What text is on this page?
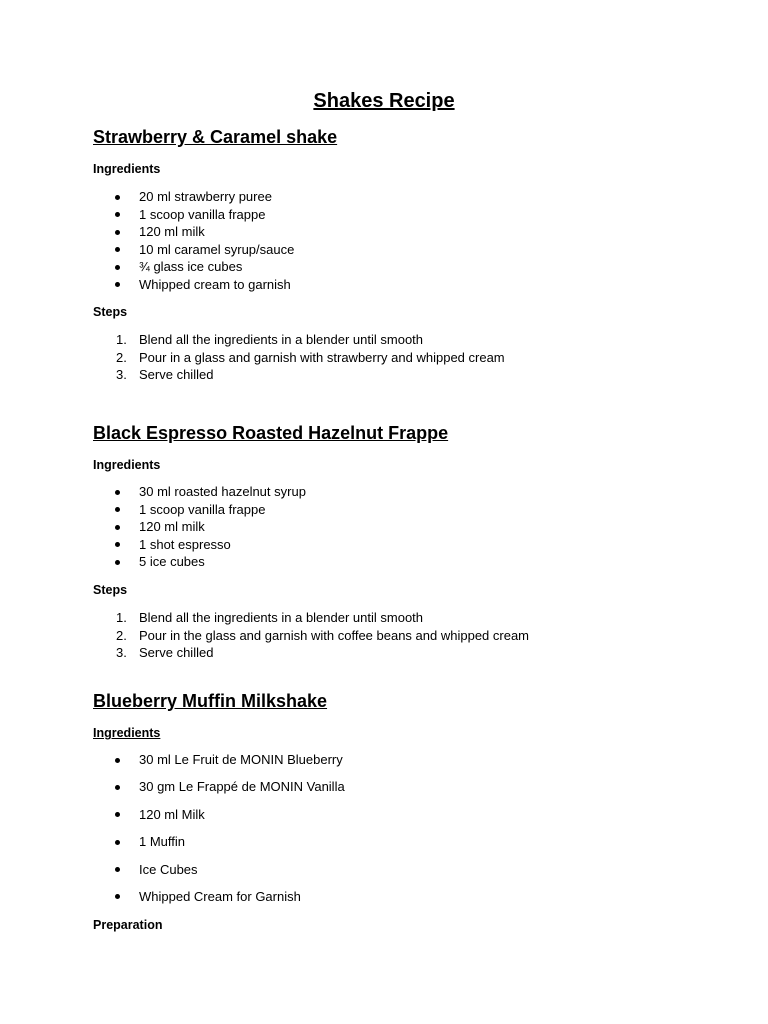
Shakes Recipe
Strawberry & Caramel shake
Ingredients
20 ml strawberry puree
1 scoop vanilla frappe
120 ml milk
10 ml caramel syrup/sauce
¾ glass ice cubes
Whipped cream to garnish
Steps
1. Blend all the ingredients in a blender until smooth
2. Pour in a glass and garnish with strawberry and whipped cream
3. Serve chilled
Black Espresso Roasted Hazelnut Frappe
Ingredients
30 ml roasted hazelnut syrup
1 scoop vanilla frappe
120 ml milk
1 shot espresso
5 ice cubes
Steps
1. Blend all the ingredients in a blender until smooth
2. Pour in the glass and garnish with coffee beans and whipped cream
3. Serve chilled
Blueberry Muffin Milkshake
Ingredients
30 ml Le Fruit de MONIN Blueberry
30 gm Le Frappé de MONIN Vanilla
120 ml Milk
1 Muffin
Ice Cubes
Whipped Cream for Garnish
Preparation
